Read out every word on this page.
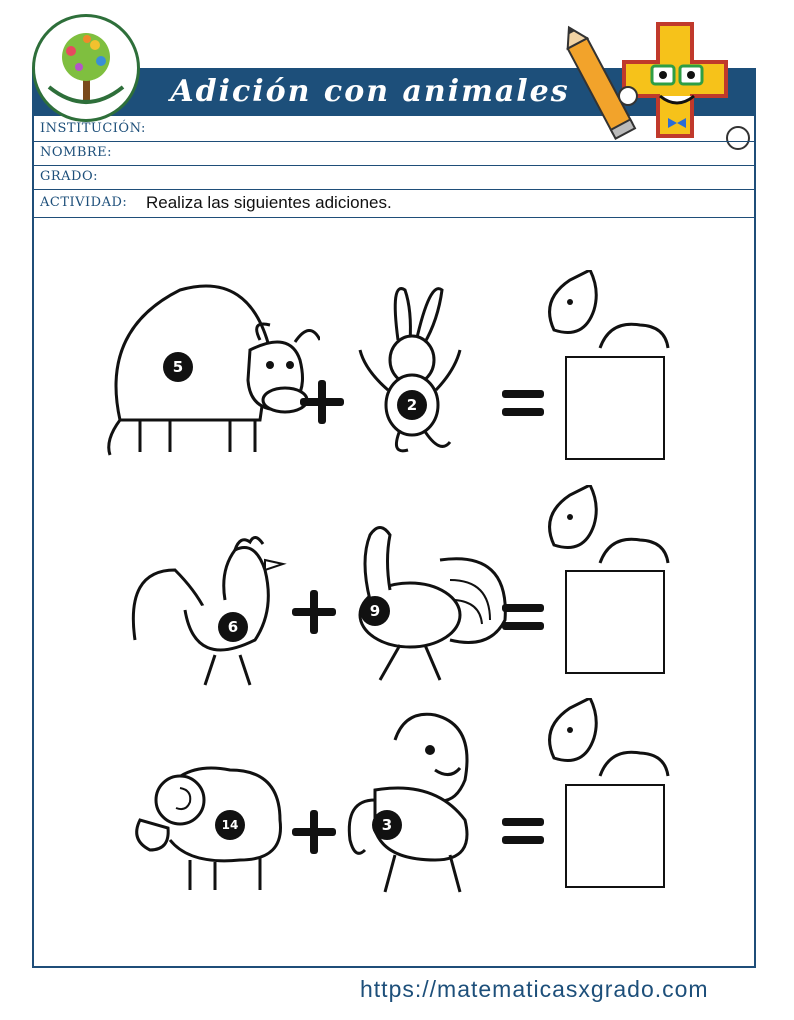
Adición con animales
INSTITUCIÓN:
NOMBRE:
GRADO:
ACTIVIDAD: Realiza las siguientes adiciones.
5
2
6
9
14	3
https://matematicasxgrado.com
